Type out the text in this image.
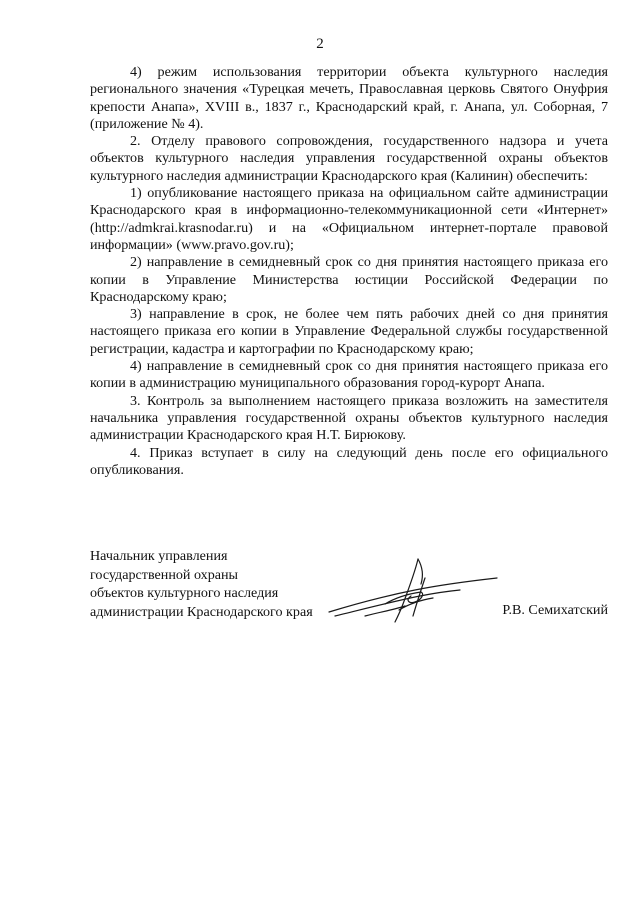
2

4) режим использования территории объекта культурного наследия регионального значения «Турецкая мечеть, Православная церковь Святого Онуфрия крепости Анапа», XVIII в., 1837 г., Краснодарский край, г. Анапа, ул. Соборная, 7 (приложение № 4).

2. Отделу правового сопровождения, государственного надзора и учета объектов культурного наследия управления государственной охраны объектов культурного наследия администрации Краснодарского края (Калинин) обеспечить:

1) опубликование настоящего приказа на официальном сайте администрации Краснодарского края в информационно-телекоммуникационной сети «Интернет» (http://admkrai.krasnodar.ru) и на «Официальном интернет-портале правовой информации» (www.pravo.gov.ru);

2) направление в семидневный срок со дня принятия настоящего приказа его копии в Управление Министерства юстиции Российской Федерации по Краснодарскому краю;

3) направление в срок, не более чем пять рабочих дней со дня принятия настоящего приказа его копии в Управление Федеральной службы государственной регистрации, кадастра и картографии по Краснодарскому краю;

4) направление в семидневный срок со дня принятия настоящего приказа его копии в администрацию муниципального образования город-курорт Анапа.

3. Контроль за выполнением настоящего приказа возложить на заместителя начальника управления государственной охраны объектов культурного наследия администрации Краснодарского края Н.Т. Бирюкову.

4. Приказ вступает в силу на следующий день после его официального опубликования.

Начальник управления
государственной охраны
объектов культурного наследия
администрации Краснодарского края	Р.В. Семихатский
